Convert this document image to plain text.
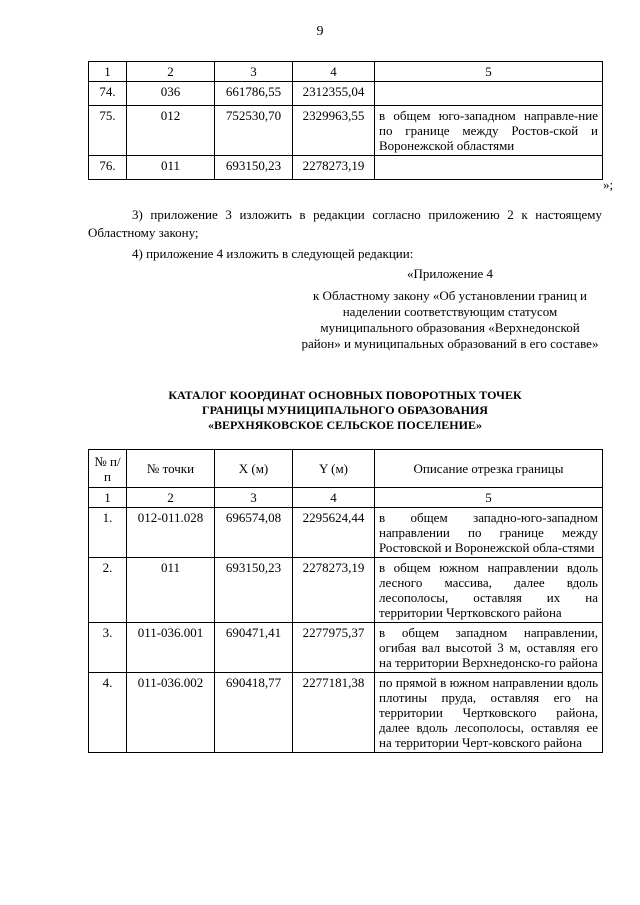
9
1	2	3	4	5
74.	036	661786,55	2312355,04	
75.	012	752530,70	2329963,55	в общем юго-западном направле-ние по границе между Ростов-ской и Воронежской областями
76.	011	693150,23	2278273,19	
»;
3) приложение 3 изложить в редакции согласно приложению 2 к настоящему Областному закону;
4) приложение 4 изложить в следующей редакции:
«Приложение 4
к Областному закону «Об установлении границ и наделении соответствующим статусом муниципального образования «Верхнедонской район» и муниципальных образований в его составе»
КАТАЛОГ КООРДИНАТ ОСНОВНЫХ ПОВОРОТНЫХ ТОЧЕК
ГРАНИЦЫ МУНИЦИПАЛЬНОГО ОБРАЗОВАНИЯ
«ВЕРХНЯКОВСКОЕ СЕЛЬСКОЕ ПОСЕЛЕНИЕ»
№ п/п	№ точки	X (м)	Y (м)	Описание отрезка границы
1	2	3	4	5
1.	012-011.028	696574,08	2295624,44	в общем западно-юго-западном направлении по границе между Ростовской и Воронежской обла-стями
2.	011	693150,23	2278273,19	в общем южном направлении вдоль лесного массива, далее вдоль лесополосы, оставляя их на территории Чертковского района
3.	011-036.001	690471,41	2277975,37	в общем западном направлении, огибая вал высотой 3 м, оставляя его на территории Верхнедонско-го района
4.	011-036.002	690418,77	2277181,38	по прямой в южном направлении вдоль плотины пруда, оставляя его на территории Чертковского района, далее вдоль лесополосы, оставляя ее на территории Черт-ковского района
